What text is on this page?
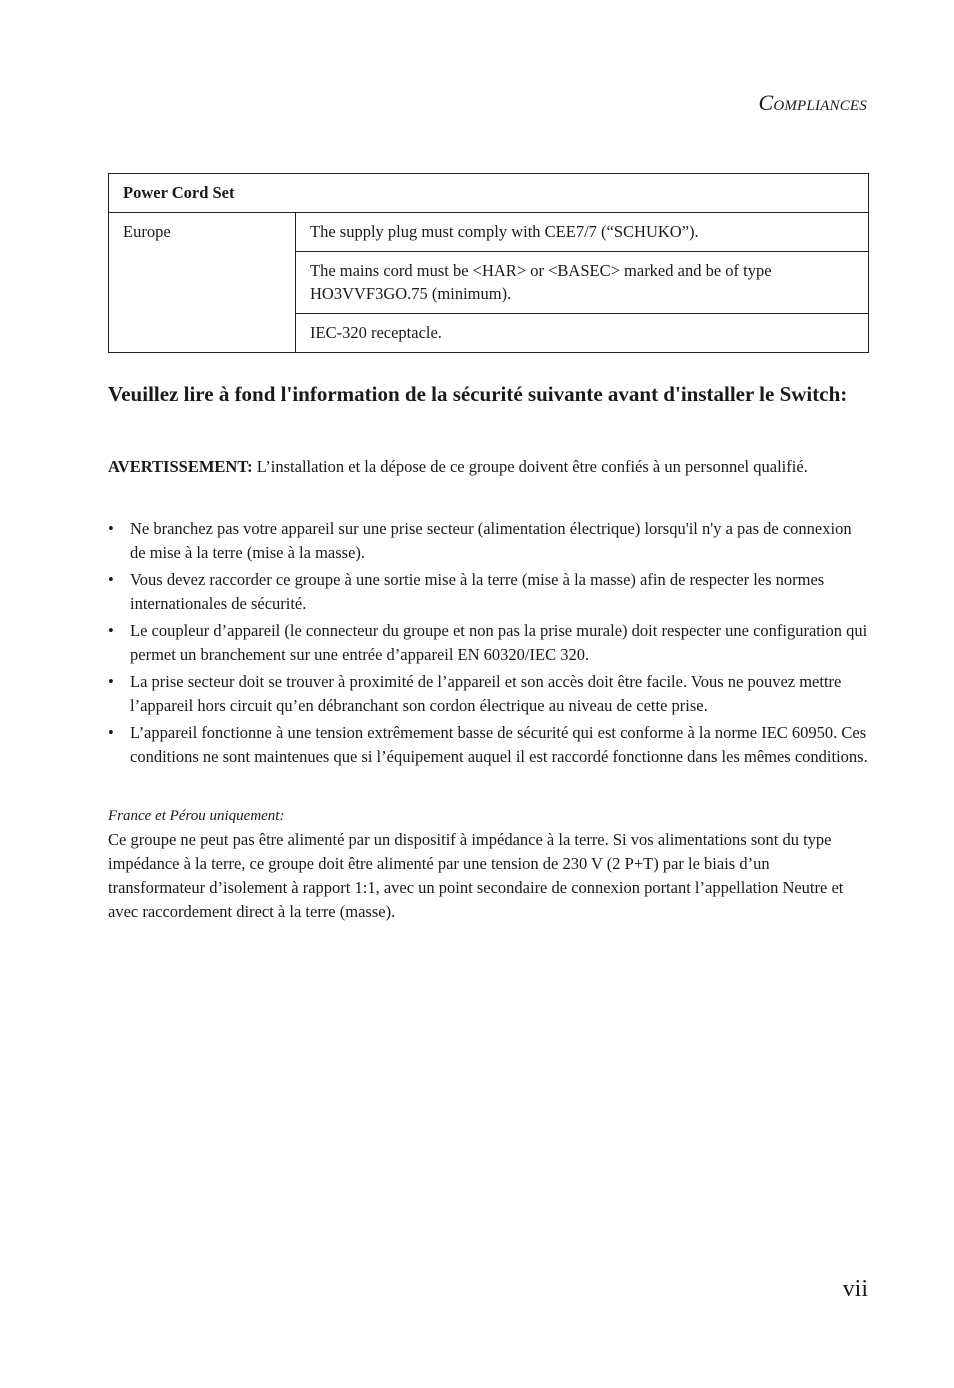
Compliances
Power Cord Set
Europe	The supply plug must comply with CEE7/7 (“SCHUKO”).
The mains cord must be <HAR> or <BASEC> marked and be of type HO3VVF3GO.75 (minimum).
IEC-320 receptacle.
Veuillez lire à fond l'information de la sécurité suivante avant d'installer le Switch:

AVERTISSEMENT: L’installation et la dépose de ce groupe doivent être confiés à un personnel qualifié.

• Ne branchez pas votre appareil sur une prise secteur (alimentation électrique) lorsqu'il n'y a pas de connexion de mise à la terre (mise à la masse).
• Vous devez raccorder ce groupe à une sortie mise à la terre (mise à la masse) afin de respecter les normes internationales de sécurité.
• Le coupleur d’appareil (le connecteur du groupe et non pas la prise murale) doit respecter une configuration qui permet un branchement sur une entrée d’appareil EN 60320/IEC 320.
• La prise secteur doit se trouver à proximité de l’appareil et son accès doit être facile. Vous ne pouvez mettre l’appareil hors circuit qu’en débranchant son cordon électrique au niveau de cette prise.
• L’appareil fonctionne à une tension extrêmement basse de sécurité qui est conforme à la norme IEC 60950. Ces conditions ne sont maintenues que si l’équipement auquel il est raccordé fonctionne dans les mêmes conditions.

France et Pérou uniquement:

Ce groupe ne peut pas être alimenté par un dispositif à impédance à la terre. Si vos alimentations sont du type impédance à la terre, ce groupe doit être alimenté par une tension de 230 V (2 P+T) par le biais d’un transformateur d’isolement à rapport 1:1, avec un point secondaire de connexion portant l’appellation Neutre et avec raccordement direct à la terre (masse).

vii
